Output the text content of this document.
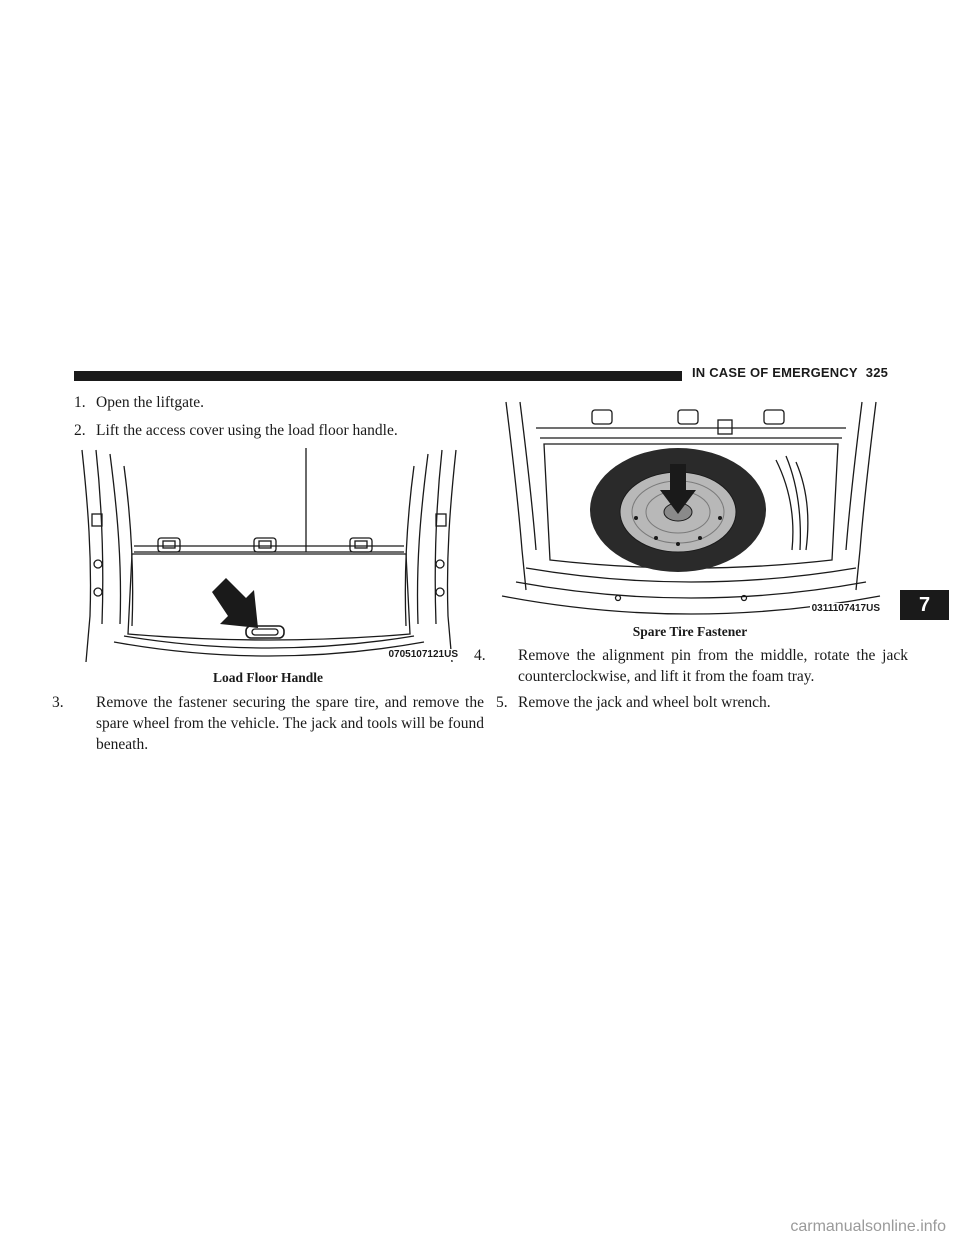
IN CASE OF EMERGENCY 325
1. Open the liftgate.
2. Lift the access cover using the load floor handle.
0705107121US
Load Floor Handle
3. Remove the fastener securing the spare tire, and remove the spare wheel from the vehicle. The jack and tools will be found beneath.
0311107417US
Spare Tire Fastener
4. Remove the alignment pin from the middle, rotate the jack counterclockwise, and lift it from the foam tray.
5. Remove the jack and wheel bolt wrench.
7
carmanualsonline.info
